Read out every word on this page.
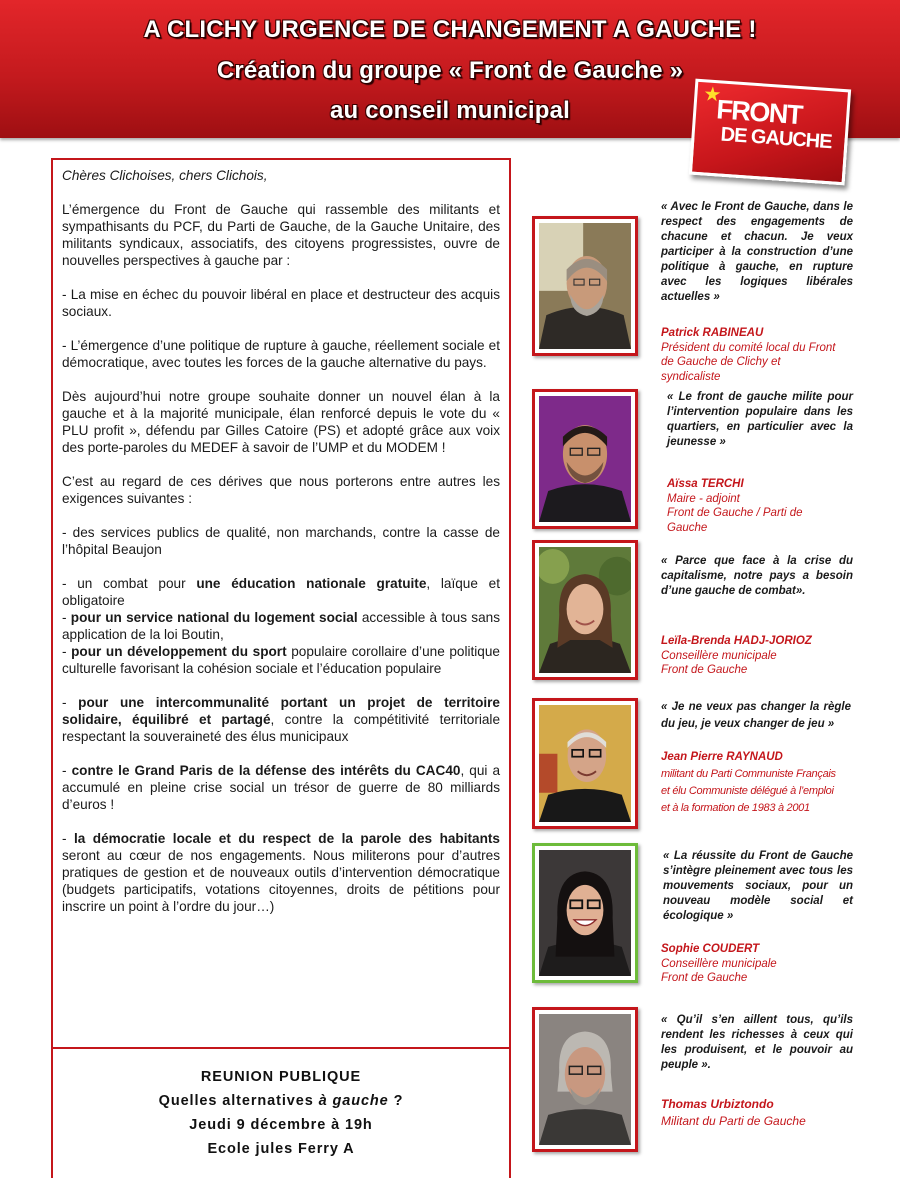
A CLICHY URGENCE DE CHANGEMENT A GAUCHE !
Création du groupe « Front de Gauche »
au conseil municipal
★
FRONT
DE GAUCHE

Chères Clichoises, chers Clichois,

L’émergence du Front de Gauche qui rassemble des militants et sympathisants du PCF, du Parti de Gauche, de la Gauche Unitaire, des militants syndicaux, associatifs, des citoyens progressistes, ouvre de nouvelles perspectives à gauche par :

- La mise en échec du pouvoir libéral en place et destructeur des acquis sociaux.

- L’émergence d’une politique de rupture à gauche, réellement sociale et démocratique, avec toutes les forces de la gauche alternative du pays.

Dès aujourd’hui notre groupe souhaite donner un nouvel élan à la gauche et à la majorité municipale, élan renforcé depuis le vote du « PLU profit », défendu par Gilles Catoire (PS) et adopté grâce aux voix des porte-paroles du MEDEF à savoir de l’UMP et du MODEM !

C’est au regard de ces dérives que nous porterons entre autres les exigences suivantes :

- des services publics de qualité, non marchands, contre la casse de l’hôpital Beaujon

- un combat pour une éducation nationale gratuite, laïque et obligatoire

- pour un service national du logement social accessible à tous sans application de la loi Boutin,

- pour un développement du sport populaire corollaire d’une politique culturelle favorisant la cohésion sociale et l’éducation populaire

- pour une intercommunalité portant un projet de territoire solidaire, équilibré et partagé, contre la compétitivité territoriale respectant la souveraineté des élus municipaux

- contre le Grand Paris de la défense des intérêts du CAC40, qui a accumulé en pleine crise social un trésor de guerre de 80 milliards d’euros !

- la démocratie locale et du respect de la parole des habitants seront au cœur de nos engagements. Nous militerons pour d’autres pratiques de gestion et de nouveaux outils d’intervention démocratique (budgets participatifs, votations citoyennes, droits de pétitions pour inscrire un point à l’ordre du jour…)

REUNION PUBLIQUE
Quelles alternatives à gauche ?
Jeudi 9 décembre à 19h
Ecole jules Ferry A
« Avec le Front de Gauche, dans le respect des engagements de chacune et chacun. Je veux participer à la construction d’une politique à gauche, en rupture avec les logiques libérales actuelles »
Patrick RABINEAU
Président du comité local du Front de Gauche de Clichy et syndicaliste
« Le front de gauche milite pour l’intervention populaire dans les quartiers, en particulier avec la jeunesse »
Aïssa TERCHI
Maire - adjoint
Front de Gauche / Parti de Gauche
« Parce que face à la crise du capitalisme, notre pays a besoin d’une gauche de combat».
Leïla-Brenda HADJ-JORIOZ
Conseillère municipale
Front de Gauche
« Je ne veux pas changer la règle du jeu, je veux changer de jeu »
Jean Pierre RAYNAUD
militant du Parti Communiste Français et élu Communiste délégué à l’emploi et à la formation de 1983 à 2001
« La réussite du Front de Gauche s’intègre pleinement avec tous les mouvements sociaux, pour un nouveau modèle social et écologique »
Sophie COUDERT
Conseillère municipale
Front de Gauche
« Qu’il s’en aillent tous, qu’ils rendent les richesses à ceux qui les produisent, et le pouvoir au peuple ».
Thomas Urbiztondo
Militant du Parti de Gauche
